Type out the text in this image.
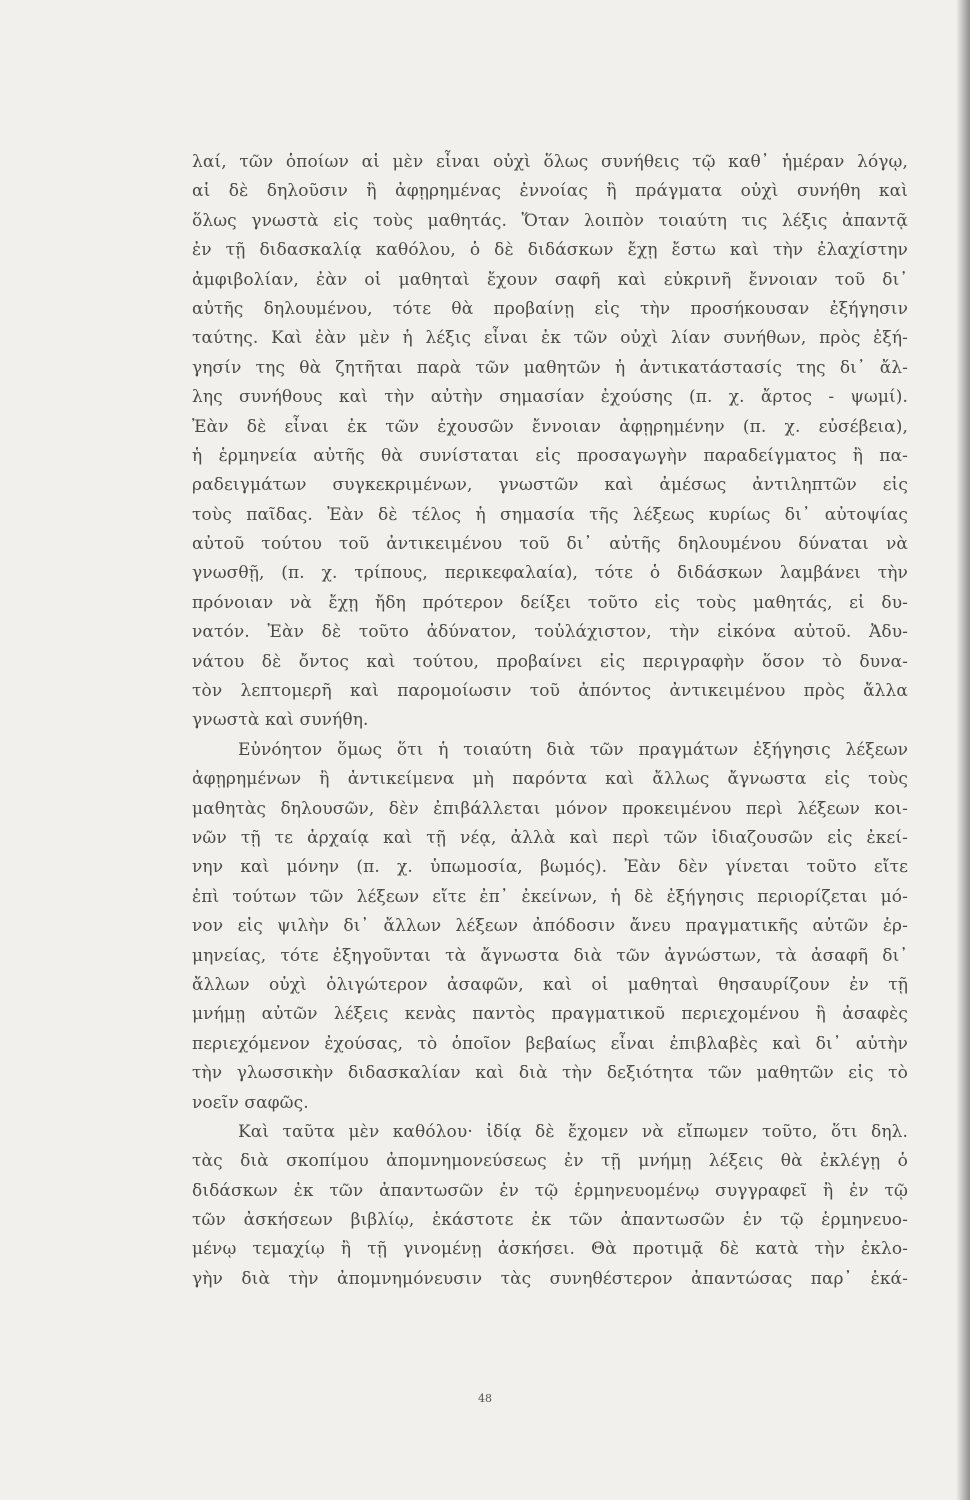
λαί, τῶν ὁποίων αἱ μὲν εἶναι οὐχὶ ὅλως συνήθεις τῷ καθ᾽ ἡμέραν λόγῳ,
αἱ δὲ δηλοῦσιν ἢ ἀφῃρημένας ἐννοίας ἢ πράγματα οὐχὶ συνήθη καὶ
ὅλως γνωστὰ εἰς τοὺς μαθητάς. Ὅταν λοιπὸν τοιαύτη τις λέξις ἀπαντᾷ
ἐν τῇ διδασκαλίᾳ καθόλου, ὁ δὲ διδάσκων ἔχῃ ἔστω καὶ τὴν ἐλαχίστην
ἀμφιβολίαν, ἐὰν οἱ μαθηταὶ ἔχουν σαφῆ καὶ εὐκρινῆ ἔννοιαν τοῦ δι᾽
αὐτῆς δηλουμένου, τότε θὰ προβαίνῃ εἰς τὴν προσήκουσαν ἐξήγησιν
ταύτης. Καὶ ἐὰν μὲν ἡ λέξις εἶναι ἐκ τῶν οὐχὶ λίαν συνήθων, πρὸς ἐξή-
γησίν της θὰ ζητῆται παρὰ τῶν μαθητῶν ἡ ἀντικατάστασίς της δι᾽ ἄλ-
λης συνήθους καὶ τὴν αὐτὴν σημασίαν ἐχούσης (π. χ. ἄρτος - ψωμί).
Ἐὰν δὲ εἶναι ἐκ τῶν ἐχουσῶν ἔννοιαν ἀφῃρημένην (π. χ. εὐσέβεια),
ἡ ἑρμηνεία αὐτῆς θὰ συνίσταται εἰς προσαγωγὴν παραδείγματος ἢ πα-
ραδειγμάτων συγκεκριμένων, γνωστῶν καὶ ἀμέσως ἀντιληπτῶν εἰς
τοὺς παῖδας. Ἐὰν δὲ τέλος ἡ σημασία τῆς λέξεως κυρίως δι᾽ αὐτοψίας
αὐτοῦ τούτου τοῦ ἀντικειμένου τοῦ δι᾽ αὐτῆς δηλουμένου δύναται νὰ
γνωσθῇ, (π. χ. τρίπους, περικεφαλαία), τότε ὁ διδάσκων λαμβάνει τὴν
πρόνοιαν νὰ ἔχῃ ἤδη πρότερον δείξει τοῦτο εἰς τοὺς μαθητάς, εἰ δυ-
νατόν. Ἐὰν δὲ τοῦτο ἀδύνατον, τοὐλάχιστον, τὴν εἰκόνα αὐτοῦ. Ἀδυ-
νάτου δὲ ὄντος καὶ τούτου, προβαίνει εἰς περιγραφὴν ὅσον τὸ δυνα-
τὸν λεπτομερῆ καὶ παρομοίωσιν τοῦ ἀπόντος ἀντικειμένου πρὸς ἄλλα
γνωστὰ καὶ συνήθη.
Εὐνόητον ὅμως ὅτι ἡ τοιαύτη διὰ τῶν πραγμάτων ἐξήγησις λέξεων
ἀφῃρημένων ἢ ἀντικείμενα μὴ παρόντα καὶ ἄλλως ἄγνωστα εἰς τοὺς
μαθητὰς δηλουσῶν, δὲν ἐπιβάλλεται μόνον προκειμένου περὶ λέξεων κοι-
νῶν τῇ τε ἀρχαίᾳ καὶ τῇ νέᾳ, ἀλλὰ καὶ περὶ τῶν ἰδιαζουσῶν εἰς ἐκεί-
νην καὶ μόνην (π. χ. ὑπωμοσία, βωμός). Ἐὰν δὲν γίνεται τοῦτο εἴτε
ἐπὶ τούτων τῶν λέξεων εἴτε ἐπ᾽ ἐκείνων, ἡ δὲ ἐξήγησις περιορίζεται μό-
νον εἰς ψιλὴν δι᾽ ἄλλων λέξεων ἀπόδοσιν ἄνευ πραγματικῆς αὐτῶν ἑρ-
μηνείας, τότε ἐξηγοῦνται τὰ ἄγνωστα διὰ τῶν ἀγνώστων, τὰ ἀσαφῆ δι᾽
ἄλλων οὐχὶ ὀλιγώτερον ἀσαφῶν, καὶ οἱ μαθηταὶ θησαυρίζουν ἐν τῇ
μνήμῃ αὐτῶν λέξεις κενὰς παντὸς πραγματικοῦ περιεχομένου ἢ ἀσαφὲς
περιεχόμενον ἐχούσας, τὸ ὁποῖον βεβαίως εἶναι ἐπιβλαβὲς καὶ δι᾽ αὐτὴν
τὴν γλωσσικὴν διδασκαλίαν καὶ διὰ τὴν δεξιότητα τῶν μαθητῶν εἰς τὸ
νοεῖν σαφῶς.
Καὶ ταῦτα μὲν καθόλου· ἰδίᾳ δὲ ἔχομεν νὰ εἴπωμεν τοῦτο, ὅτι δηλ.
τὰς διὰ σκοπίμου ἀπομνημονεύσεως ἐν τῇ μνήμῃ λέξεις θὰ ἐκλέγῃ ὁ
διδάσκων ἐκ τῶν ἀπαντωσῶν ἐν τῷ ἑρμηνευομένῳ συγγραφεῖ ἢ ἐν τῷ
τῶν ἀσκήσεων βιβλίῳ, ἑκάστοτε ἐκ τῶν ἀπαντωσῶν ἐν τῷ ἑρμηνευο-
μένῳ τεμαχίῳ ἢ τῇ γινομένῃ ἀσκήσει. Θὰ προτιμᾷ δὲ κατὰ τὴν ἐκλο-
γὴν διὰ τὴν ἀπομνημόνευσιν τὰς συνηθέστερον ἀπαντώσας παρ᾽ ἑκά-
48
